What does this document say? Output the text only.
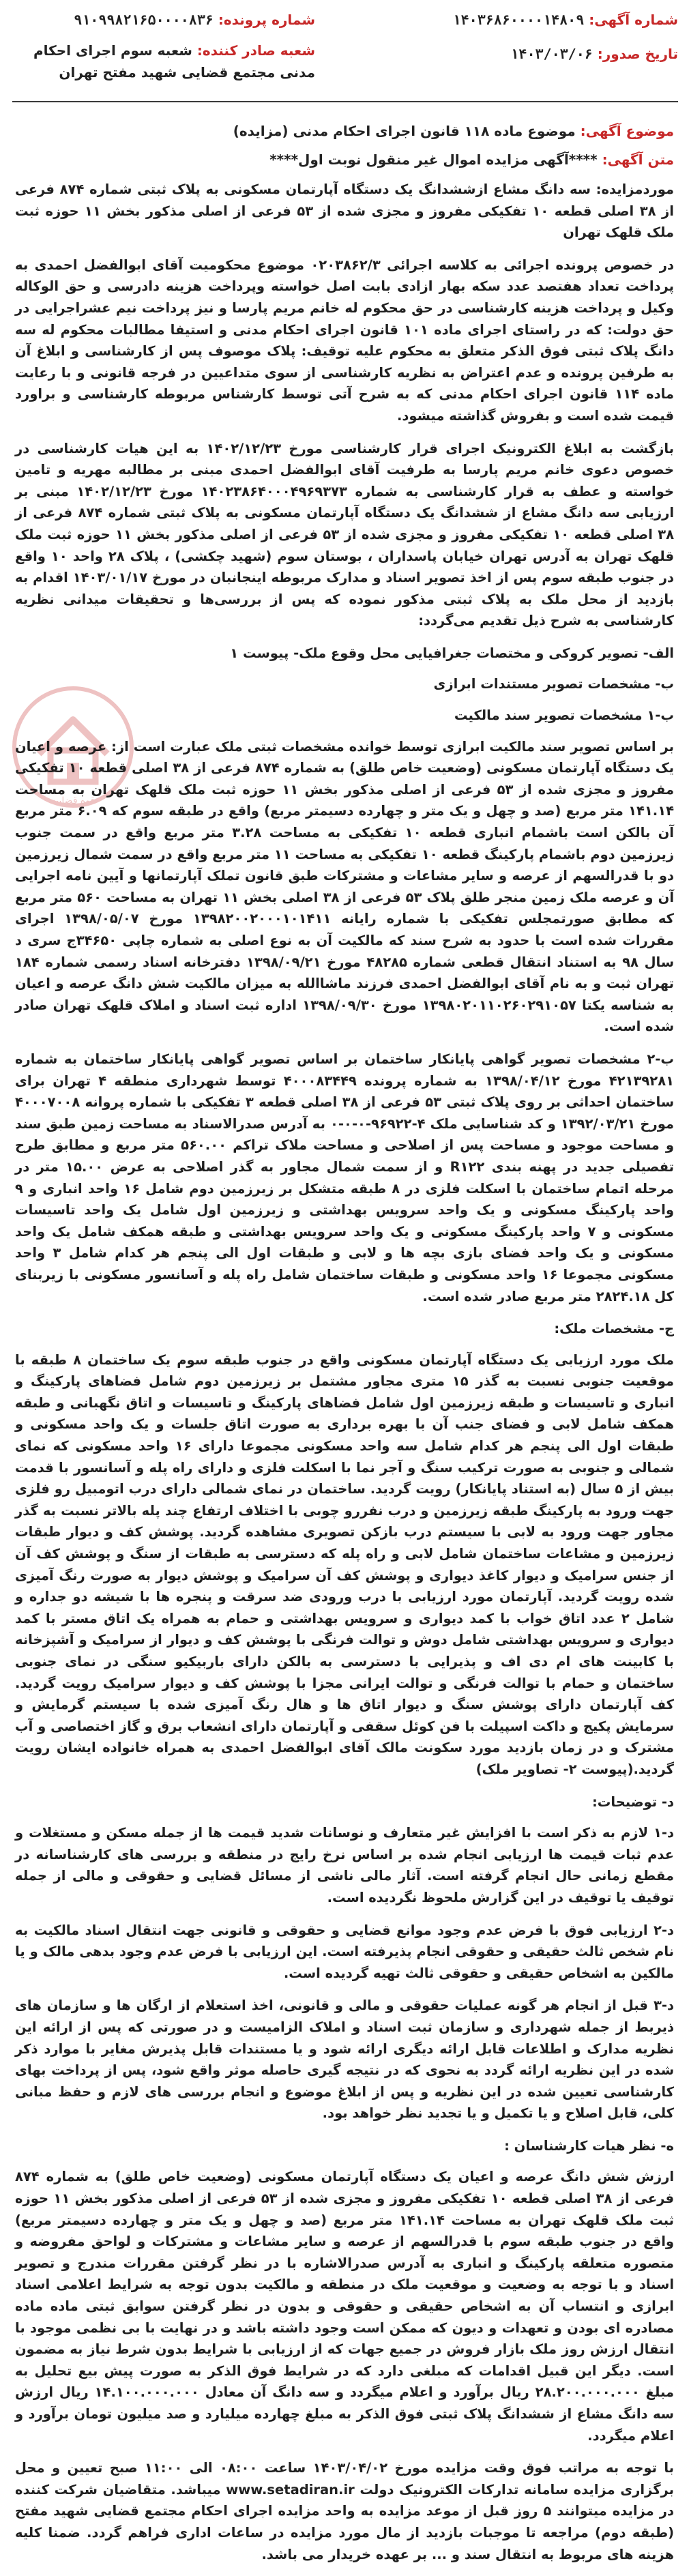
شماره آگهی: ۱۴۰۳۶۸۶۰۰۰۰۱۴۸۰۹
تاریخ صدور: ۱۴۰۳/۰۳/۰۶
شماره پرونده: ۹۱۰۹۹۸۲۱۶۵۰۰۰۰۸۳۶
شعبه صادر کننده: شعبه سوم اجرای احکام مدنی مجتمع قضایی شهید مفتح تهران
موضوع آگهی: موضوع ماده ۱۱۸ قانون اجرای احکام مدنی (مزایده)
متن آگهی: ****آگهی مزایده اموال غیر منقول نوبت اول****
قوه قضاییه

موردمزایده: سه دانگ مشاع ازششدانگ یک دستگاه آپارتمان مسکونی به پلاک ثبتی شماره ۸۷۴ فرعی از ۳۸ اصلی قطعه ۱۰ تفکیکی مفروز و مجزی شده از ۵۳ فرعی از اصلی مذکور بخش ۱۱ حوزه ثبت ملک قلهک تهران

در خصوص پرونده اجرائی به کلاسه اجرائی ۰۲۰۳۸۶۲/۳ موضوع محکومیت آقای ابوالفضل احمدی به پرداخت تعداد هفتصد عدد سکه بهار ازادی بابت اصل خواسته وپرداخت هزینه دادرسی و حق الوکاله وکیل و پرداخت هزینه کارشناسی در حق محکوم له خانم مریم پارسا و نیز پرداخت نیم عشراجرایی در حق دولت: که در راستای اجرای ماده ۱۰۱ قانون اجرای احکام مدنی و استیفا مطالبات محکوم له سه دانگ پلاک ثبتی فوق الذکر متعلق به محکوم علیه توقیف: پلاک موصوف پس از کارشناسی و ابلاغ آن به طرفین پرونده و عدم اعتراض به نظریه کارشناسی از سوی متداعیین در فرجه قانونی و با رعایت ماده ۱۱۴ قانون اجرای احکام مدنی که به شرح آتی توسط کارشناس مربوطه کارشناسی و براورد قیمت شده است و بفروش گذاشته میشود.

بازگشت به ابلاغ الکترونیک اجرای قرار کارشناسی مورخ ۱۴۰۲/۱۲/۲۳ به این هیات کارشناسی در خصوص دعوی خانم مریم پارسا به طرفیت آقای ابوالفضل احمدی مبنی بر مطالبه مهریه و تامین خواسته و عطف به قرار کارشناسی به شماره ۱۴۰۲۳۸۶۴۰۰۰۴۹۶۹۳۷۳ مورخ ۱۴۰۲/۱۲/۲۳ مبنی بر ارزیابی سه دانگ مشاع از ششدانگ یک دستگاه آپارتمان مسکونی به پلاک ثبتی شماره ۸۷۴ فرعی از ۳۸ اصلی قطعه ۱۰ تفکیکی مفروز و مجزی شده از ۵۳ فرعی از اصلی مذکور بخش ۱۱ حوزه ثبت ملک قلهک تهران به آدرس تهران خیابان پاسداران ، بوستان سوم (شهید چکشی) ، پلاک ۲۸ واحد ۱۰ واقع در جنوب طبقه سوم پس از اخذ تصویر اسناد و مدارک مربوطه اینجانبان در مورخ ۱۴۰۳/۰۱/۱۷ اقدام به بازدید از محل ملک به پلاک ثبتی مذکور نموده که پس از بررسی‌ها و تحقیقات میدانی نظریه کارشناسی به شرح ذیل تقدیم می‌گردد:

الف- تصویر کروکی و مختصات جغرافیایی محل وقوع ملک- پیوست ۱

ب- مشخصات تصویر مستندات ابرازی

ب-۱ مشخصات تصویر سند مالکیت

بر اساس تصویر سند مالکیت ابرازی توسط خوانده مشخصات ثبتی ملک عبارت است از: عرصه و اعیان یک دستگاه آپارتمان مسکونی (وضعیت خاص طلق) به شماره ۸۷۴ فرعی از ۳۸ اصلی قطعه ۱۰ تفکیکی مفروز و مجزی شده از ۵۳ فرعی از اصلی مذکور بخش ۱۱ حوزه ثبت ملک قلهک تهران به مساحت ۱۴۱.۱۴ متر مربع (صد و چهل و یک متر و چهارده دسیمتر مربع) واقع در طبقه سوم که ۶.۰۹ متر مربع آن بالکن است باشمام انباری قطعه ۱۰ تفکیکی به مساحت ۳.۲۸ متر مربع واقع در سمت جنوب زیرزمین دوم باشمام پارکینگ قطعه ۱۰ تفکیکی به مساحت ۱۱ متر مربع واقع در سمت شمال زیرزمین دو با قدرالسهم از عرصه و سایر مشاعات و مشترکات طبق قانون تملک آپارتمانها و آیین نامه اجرایی آن و عرصه ملک زمین منجر طلق پلاک ۵۳ فرعی از ۳۸ اصلی بخش ۱۱ تهران به مساحت ۵۶۰ متر مربع که مطابق صورتمجلس تفکیکی با شماره رایانه ۱۳۹۸۲۰۰۲۰۰۰۱۰۱۴۱۱ مورخ ۱۳۹۸/۰۵/۰۷ اجرای مقررات شده است با حدود به شرح سند که مالکیت آن به نوع اصلی به شماره چاپی ۳۴۶۵۰ج سری د سال ۹۸ به استناد انتقال قطعی شماره ۴۸۲۸۵ مورخ ۱۳۹۸/۰۹/۲۱ دفترخانه اسناد رسمی شماره ۱۸۴ تهران ثبت و به نام آقای ابوالفضل احمدی فرزند ماشاالله به میزان مالکیت شش دانگ عرصه و اعیان به شناسه یکتا ۱۳۹۸۰۲۰۱۱۰۲۶۰۲۹۱۰۵۷ مورخ ۱۳۹۸/۰۹/۳۰ اداره ثبت اسناد و املاک قلهک تهران صادر شده است.

ب-۲ مشخصات تصویر گواهی پایانکار ساختمان بر اساس تصویر گواهی پایانکار ساختمان به شماره ۴۲۱۳۹۲۸۱ مورخ ۱۳۹۸/۰۴/۱۲ به شماره پرونده ۴۰۰۰۸۳۴۴۹ توسط شهرداری منطقه ۴ تهران برای ساختمان احداثی بر روی پلاک ثبتی ۵۳ فرعی از ۳۸ اصلی قطعه ۳ تفکیکی با شماره پروانه ۴۰۰۰۷۰۰۸ مورخ ۱۳۹۲/۰۳/۲۱ و کد شناسایی ملک ۴-۹۶۹۲۲-۰-۰-۰ به آدرس صدرالاسناد به مساحت زمین طبق سند و مساحت موجود و مساحت پس از اصلاحی و مساحت ملاک تراکم ۵۶۰.۰۰ متر مربع و مطابق طرح تفصیلی جدید در پهنه بندی R۱۲۲ و از سمت شمال مجاور به گذر اصلاحی به عرض ۱۵.۰۰ متر در مرحله اتمام ساختمان با اسکلت فلزی در ۸ طبقه متشکل بر زیرزمین دوم شامل ۱۶ واحد انباری و ۹ واحد پارکینگ مسکونی و یک واحد سرویس بهداشتی و زیرزمین اول شامل یک واحد تاسیسات مسکونی و ۷ واحد پارکینگ مسکونی و یک واحد سرویس بهداشتی و طبقه همکف شامل یک واحد مسکونی و یک واحد فضای بازی بچه ها و لابی و طبقات اول الی پنجم هر کدام شامل ۳ واحد مسکونی مجموعا ۱۶ واحد مسکونی و طبقات ساختمان شامل راه پله و آسانسور مسکونی با زیربنای کل ۲۸۲۴.۱۸ متر مربع صادر شده است.

ج- مشخصات ملک:

ملک مورد ارزیابی یک دستگاه آپارتمان مسکونی واقع در جنوب طبقه سوم یک ساختمان ۸ طبقه با موقعیت جنوبی نسبت به گذر ۱۵ متری مجاور مشتمل بر زیرزمین دوم شامل فضاهای پارکینگ و انباری و تاسیسات و طبقه زیرزمین اول شامل فضاهای پارکینگ و تاسیسات و اتاق نگهبانی و طبقه همکف شامل لابی و فضای جنب آن با بهره برداری به صورت اتاق جلسات و یک واحد مسکونی و طبقات اول الی پنجم هر کدام شامل سه واحد مسکونی مجموعا دارای ۱۶ واحد مسکونی که نمای شمالی و جنوبی به صورت ترکیب سنگ و آجر نما با اسکلت فلزی و دارای راه پله و آسانسور با قدمت بیش از ۵ سال (به استناد پایانکار) رویت گردید. ساختمان در نمای شمالی دارای درب اتومبیل رو فلزی جهت ورود به پارکینگ طبقه زیرزمین و درب نفررو چوبی با اختلاف ارتفاع چند پله بالاتر نسبت به گذر مجاور جهت ورود به لابی با سیستم درب بازکن تصویری مشاهده گردید. پوشش کف و دیوار طبقات زیرزمین و مشاعات ساختمان شامل لابی و راه پله که دسترسی به طبقات از سنگ و پوشش کف آن از جنس سرامیک و دیوار کاغذ دیواری و پوشش کف آن سرامیک و پوشش دیوار به صورت رنگ آمیزی شده رویت گردید. آپارتمان مورد ارزیابی با درب ورودی ضد سرقت و پنجره ها با شیشه دو جداره و شامل ۲ عدد اتاق خواب با کمد دیواری و سرویس بهداشتی و حمام به همراه یک اتاق مستر با کمد دیواری و سرویس بهداشتی شامل دوش و توالت فرنگی با پوشش کف و دیوار از سرامیک و آشپزخانه با کابینت های ام دی اف و پذیرایی با دسترسی به بالکن دارای باربیکیو سنگی در نمای جنوبی ساختمان و حمام با توالت فرنگی و توالت ایرانی مجزا با پوشش کف و دیوار سرامیک رویت گردید. کف آپارتمان دارای پوشش سنگ و دیوار اتاق ها و هال رنگ آمیزی شده با سیستم گرمایش و سرمایش پکیج و داکت اسپیلت با فن کوئل سقفی و آپارتمان دارای انشعاب برق و گاز اختصاصی و آب مشترک و در زمان بازدید مورد سکونت مالک آقای ابوالفضل احمدی به همراه خانواده ایشان رویت گردید.(پیوست ۲- تصاویر ملک)

د- توضیحات:

د-۱ لازم به ذکر است با افزایش غیر متعارف و نوسانات شدید قیمت ها از جمله مسکن و مستغلات و عدم ثبات قیمت ها ارزیابی انجام شده بر اساس نرخ رایج در منطقه و بررسی های کارشناسانه در مقطع زمانی حال انجام گرفته است. آثار مالی ناشی از مسائل قضایی و حقوقی و مالی از جمله توقیف یا توقیف در این گزارش ملحوظ نگردیده است.

د-۲ ارزیابی فوق با فرض عدم وجود موانع قضایی و حقوقی و قانونی جهت انتقال اسناد مالکیت به نام شخص ثالث حقیقی و حقوقی انجام پذیرفته است. این ارزیابی با فرض عدم وجود بدهی مالک و یا مالکین به اشخاص حقیقی و حقوقی ثالث تهیه گردیده است.

د-۳ قبل از انجام هر گونه عملیات حقوقی و مالی و قانونی، اخذ استعلام از ارگان ها و سازمان های ذیربط از جمله شهرداری و سازمان ثبت اسناد و املاک الزامیست و در صورتی که پس از ارائه این نظریه مدارک و اطلاعات قابل ارائه دیگری ارائه شود و یا مستندات قابل پذیرش مغایر با موارد ذکر شده در این نظریه ارائه گردد به نحوی که در نتیجه گیری حاصله موثر واقع شود، پس از پرداخت بهای کارشناسی تعیین شده در این نظریه و پس از ابلاغ موضوع و انجام بررسی های لازم و حفظ مبانی کلی، قابل اصلاح و یا تکمیل و یا تجدید نظر خواهد بود.

ه- نظر هیات کارشناسان :

ارزش شش دانگ عرصه و اعیان یک دستگاه آپارتمان مسکونی (وضعیت خاص طلق) به شماره ۸۷۴ فرعی از ۳۸ اصلی قطعه ۱۰ تفکیکی مفروز و مجزی شده از ۵۳ فرعی از اصلی مذکور بخش ۱۱ حوزه ثبت ملک قلهک تهران به مساحت ۱۴۱.۱۴ متر مربع (صد و چهل و یک متر و چهارده دسیمتر مربع) واقع در جنوب طبقه سوم با قدرالسهم از عرصه و سایر مشاعات و مشترکات و لواحق مفروضه و متصوره متعلقه پارکینگ و انباری به آدرس صدرالاشاره با در نظر گرفتن مقررات مندرج و تصویر اسناد و با توجه به وضعیت و موقعیت ملک در منطقه و مالکیت بدون توجه به شرایط اعلامی اسناد ابرازی و انتساب آن به اشخاص حقیقی و حقوقی و بدون در نظر گرفتن سوابق ثبتی ماده ماده مصادره ای بودن و تعهدات و دیون که ممکن است وجود داشته باشد و در نهایت با بی نظمی موجود با انتقال ارزش روز ملک بازار فروش در جمیع جهات که از ارزیابی با شرایط بدون شرط نیاز به مضمون است. دیگر این قبیل اقدامات که مبلغی دارد که در شرایط فوق الذکر به صورت پیش بیع تحلیل به مبلغ ۲۸.۲۰۰.۰۰۰.۰۰۰ ریال برآورد و اعلام میگردد و سه دانگ آن معادل ۱۴.۱۰۰.۰۰۰.۰۰۰ ریال ارزش سه دانگ مشاع از ششدانگ پلاک ثبتی فوق الذکر به مبلغ چهارده میلیارد و صد میلیون تومان برآورد و اعلام میگردد.

با توجه به مراتب فوق وقت مزایده مورخ ۱۴۰۳/۰۴/۰۲ ساعت ۰۸:۰۰ الی ۱۱:۰۰ صبح تعیین و محل برگزاری مزایده سامانه تدارکات الکترونیک دولت www.setadiran.ir میباشد. متقاضیان شرکت کننده در مزایده میتوانند ۵ روز قبل از موعد مزایده به واحد مزایده اجرای احکام مجتمع قضایی شهید مفتح (طبقه دوم) مراجعه تا موجبات بازدید از مال مورد مزایده در ساعات اداری فراهم گردد. ضمنا کلیه هزینه های مربوط به انتقال سند و ... بر عهده خریدار می باشد.
